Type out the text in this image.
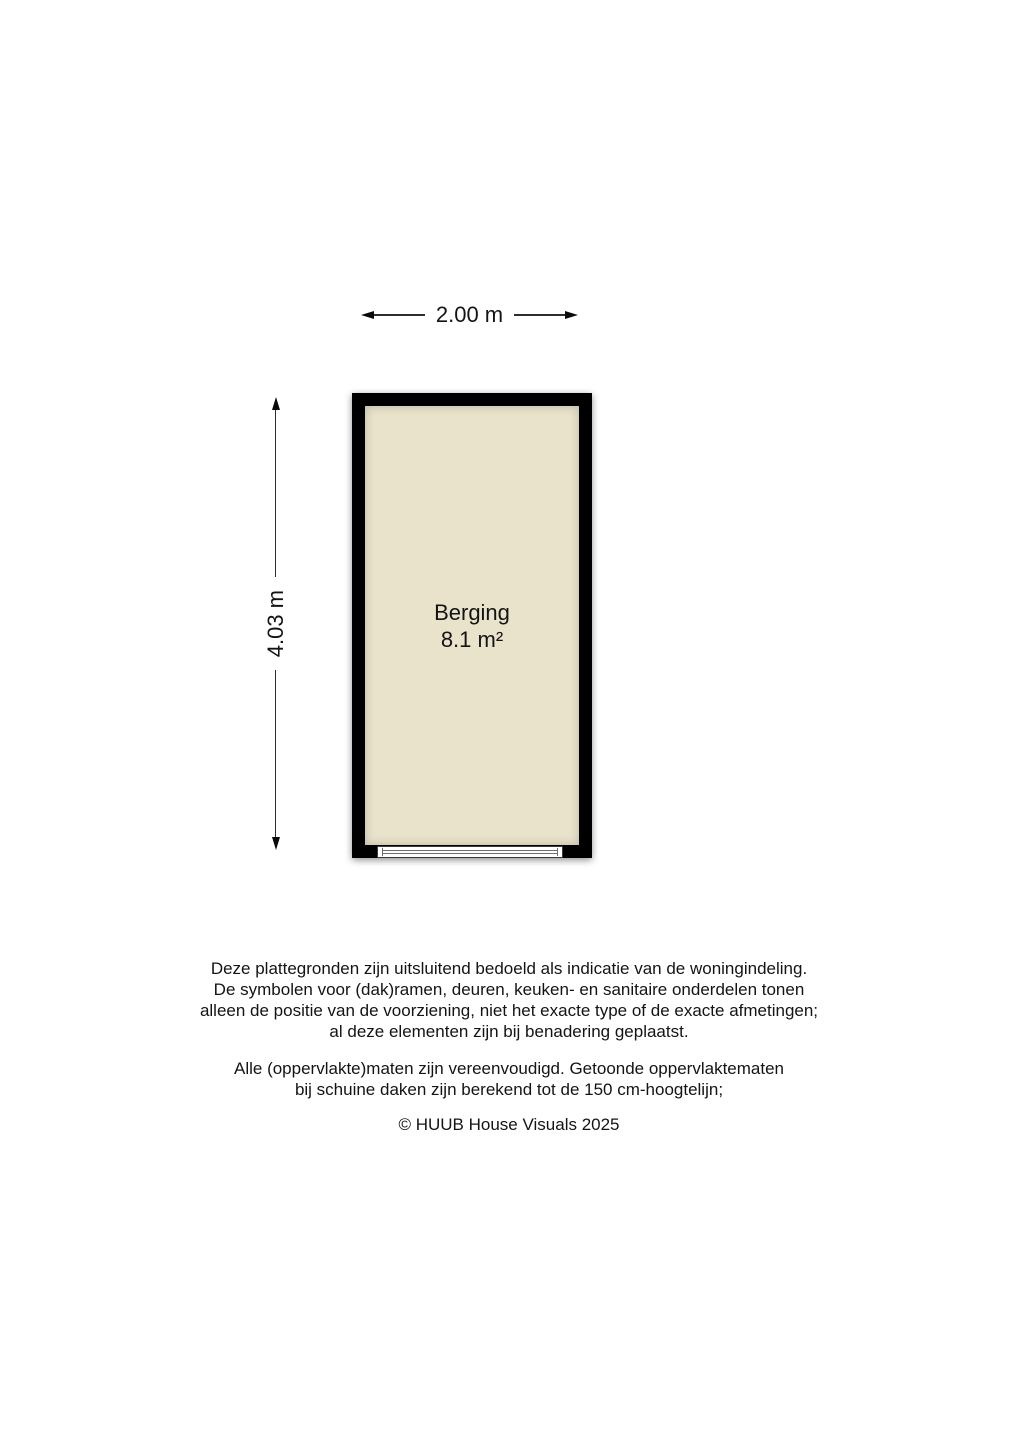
2.00 m
4.03 m	Berging
8.1 m²
Deze plattegronden zijn uitsluitend bedoeld als indicatie van de woningindeling.
De symbolen voor (dak)ramen, deuren, keuken- en sanitaire onderdelen tonen
alleen de positie van de voorziening, niet het exacte type of de exacte afmetingen;
al deze elementen zijn bij benadering geplaatst.
Alle (oppervlakte)maten zijn vereenvoudigd. Getoonde oppervlaktematen
bij schuine daken zijn berekend tot de 150 cm-hoogtelijn;
© HUUB House Visuals 2025
